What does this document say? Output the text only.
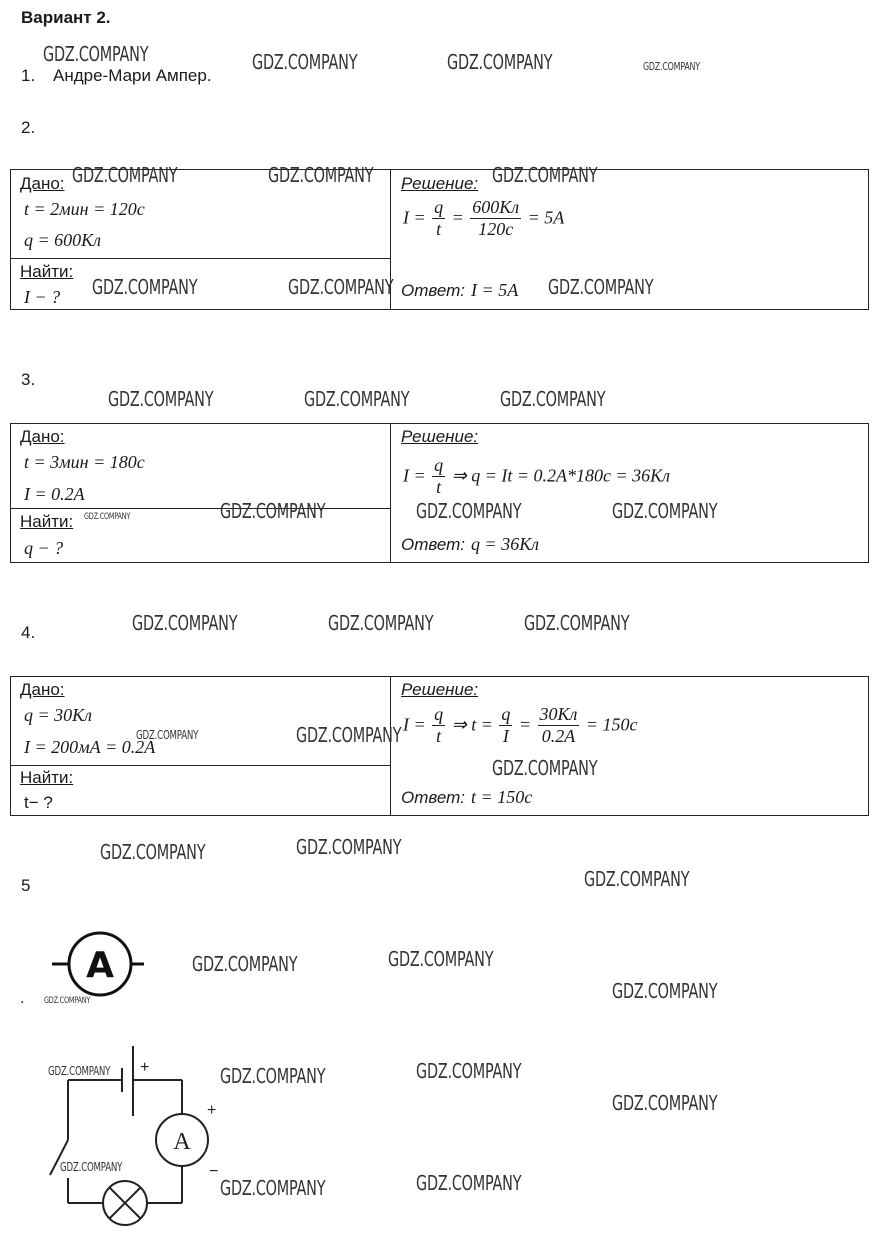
Вариант 2.
1. Андре-Мари Ампер.
2.
Дано:
t = 2мин = 120с
q = 600Кл
Найти:
I − ?
Решение:
$I = \frac{q}{t} = \frac{600Кл}{120с} = 5А$
Ответ: I = 5А
3.
Дано:
t = 3мин = 180с
I = 0.2А
Найти:
q − ?
Решение:
$I = \frac{q}{t}$ ⇒ q = It = 0.2А*180с = 36Кл
Ответ: q = 36Кл
4.
Дано:
q = 30Кл
I = 200мА = 0.2А
Найти:
t− ?
Решение:
$I = \frac{q}{t}$ ⇒ $t = \frac{q}{I} = \frac{30Кл}{0.2А} = 150с$
Ответ: t = 150с
5
A
.
A
+
+
−
GDZ.COMPANY	GDZ.COMPANY	GDZ.COMPANY	GDZ.COMPANY
GDZ.COMPANY	GDZ.COMPANY	GDZ.COMPANY
GDZ.COMPANY	GDZ.COMPANY	GDZ.COMPANY
GDZ.COMPANY	GDZ.COMPANY	GDZ.COMPANY
GDZ.COMPANY
GDZ.COMPANY	GDZ.COMPANY	GDZ.COMPANY
GDZ.COMPANY	GDZ.COMPANY	GDZ.COMPANY
GDZ.COMPANY	GDZ.COMPANY
GDZ.COMPANY
GDZ.COMPANY	GDZ.COMPANY
GDZ.COMPANY
GDZ.COMPANY	GDZ.COMPANY
GDZ.COMPANY
GDZ.COMPANY
GDZ.COMPANY	GDZ.COMPANY	GDZ.COMPANY
GDZ.COMPANY
GDZ.COMPANY
GDZ.COMPANY	GDZ.COMPANY
